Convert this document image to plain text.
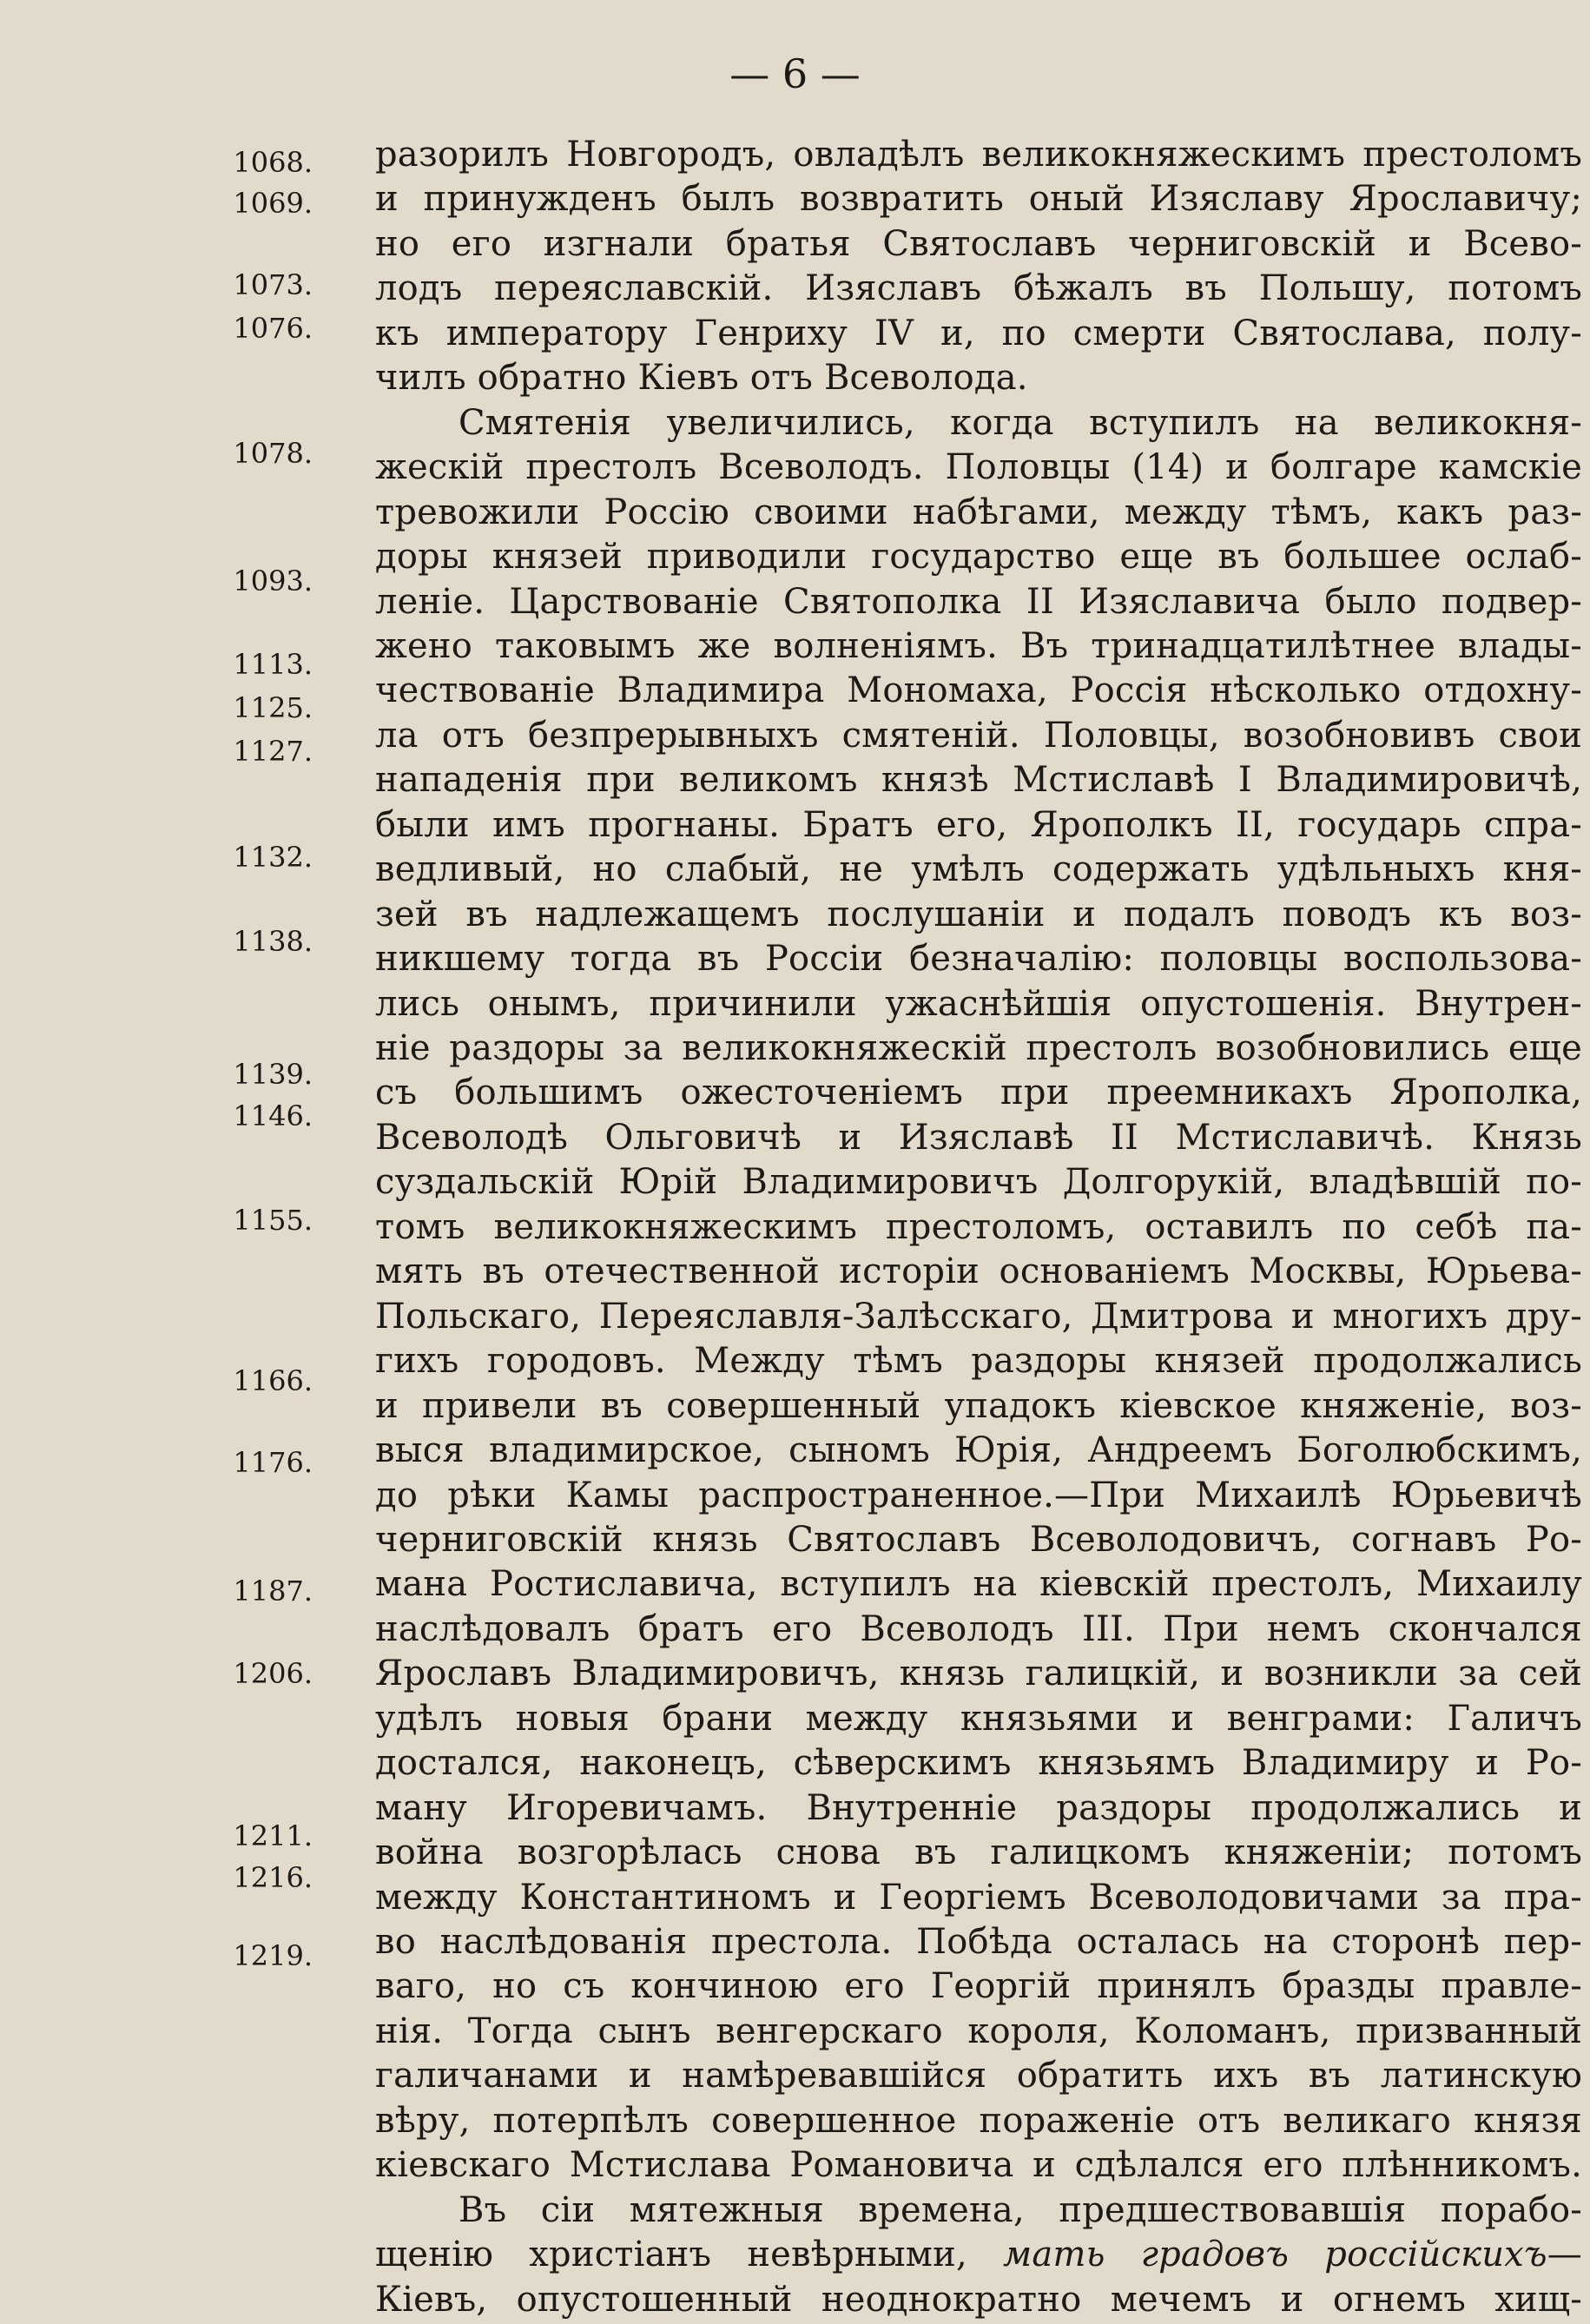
— 6 —
1068.
1069.
1073.
1076.
1078.
1093.
1113.
1125.
1127.
1132.
1138.
1139.
1146.
1155.
1166.
1176.
1187.
1206.
1211.
1216.
1219.
разорилъ Новгородъ, овладѣлъ великокняжескимъ престоломъ
и принужденъ былъ возвратить оный Изяславу Ярославичу;
но его изгнали братья Святославъ черниговскій и Всево-
лодъ переяславскій. Изяславъ бѣжалъ въ Польшу, потомъ
къ императору Генриху IV и, по смерти Святослава, полу-
чилъ обратно Кіевъ отъ Всеволода.
Смятенія увеличились, когда вступилъ на великокня-
жескій престолъ Всеволодъ. Половцы (14) и болгаре камскіе
тревожили Россію своими набѣгами, между тѣмъ, какъ раз-
доры князей приводили государство еще въ большее ослаб-
леніе. Царствованіе Святополка II Изяславича было подвер-
жено таковымъ же волненіямъ. Въ тринадцатилѣтнее влады-
чествованіе Владимира Мономаха, Россія нѣсколько отдохну-
ла отъ безпрерывныхъ смятеній. Половцы, возобновивъ свои
нападенія при великомъ князѣ Мстиславѣ I Владимировичѣ,
были имъ прогнаны. Братъ его, Ярополкъ II, государь спра-
ведливый, но слабый, не умѣлъ содержать удѣльныхъ кня-
зей въ надлежащемъ послушаніи и подалъ поводъ къ воз-
никшему тогда въ Россіи безначалію: половцы воспользова-
лись онымъ, причинили ужаснѣйшія опустошенія. Внутрен-
ніе раздоры за великокняжескій престолъ возобновились еще
съ большимъ ожесточеніемъ при преемникахъ Ярополка,
Всеволодѣ Ольговичѣ и Изяславѣ II Мстиславичѣ. Князь
суздальскій Юрій Владимировичъ Долгорукій, владѣвшій по-
томъ великокняжескимъ престоломъ, оставилъ по себѣ па-
мять въ отечественной исторіи основаніемъ Москвы, Юрьева-
Польскаго, Переяславля-Залѣсскаго, Дмитрова и многихъ дру-
гихъ городовъ. Между тѣмъ раздоры князей продолжались
и привели въ совершенный упадокъ кіевское княженіе, воз-
выся владимирское, сыномъ Юрія, Андреемъ Боголюбскимъ,
до рѣки Камы распространенное.—При Михаилѣ Юрьевичѣ
черниговскій князь Святославъ Всеволодовичъ, согнавъ Ро-
мана Ростиславича, вступилъ на кіевскій престолъ, Михаилу
наслѣдовалъ братъ его Всеволодъ III. При немъ скончался
Ярославъ Владимировичъ, князь галицкій, и возникли за сей
удѣлъ новыя брани между князьями и венграми: Галичъ
достался, наконецъ, сѣверскимъ князьямъ Владимиру и Ро-
ману Игоревичамъ. Внутренніе раздоры продолжались и
война возгорѣлась снова въ галицкомъ княженіи; потомъ
между Константиномъ и Георгіемъ Всеволодовичами за пра-
во наслѣдованія престола. Побѣда осталась на сторонѣ пер-
ваго, но съ кончиною его Георгій принялъ бразды правле-
нія. Тогда сынъ венгерскаго короля, Коломанъ, призванный
галичанами и намѣревавшійся обратить ихъ въ латинскую
вѣру, потерпѣлъ совершенное пораженіе отъ великаго князя
кіевскаго Мстислава Романовича и сдѣлался его плѣнникомъ.
Въ сіи мятежныя времена, предшествовавшія порабо-
щенію христіанъ невѣрными, мать градовъ россійскихъ—
Кіевъ, опустошенный неоднократно мечемъ и огнемъ хищ-
